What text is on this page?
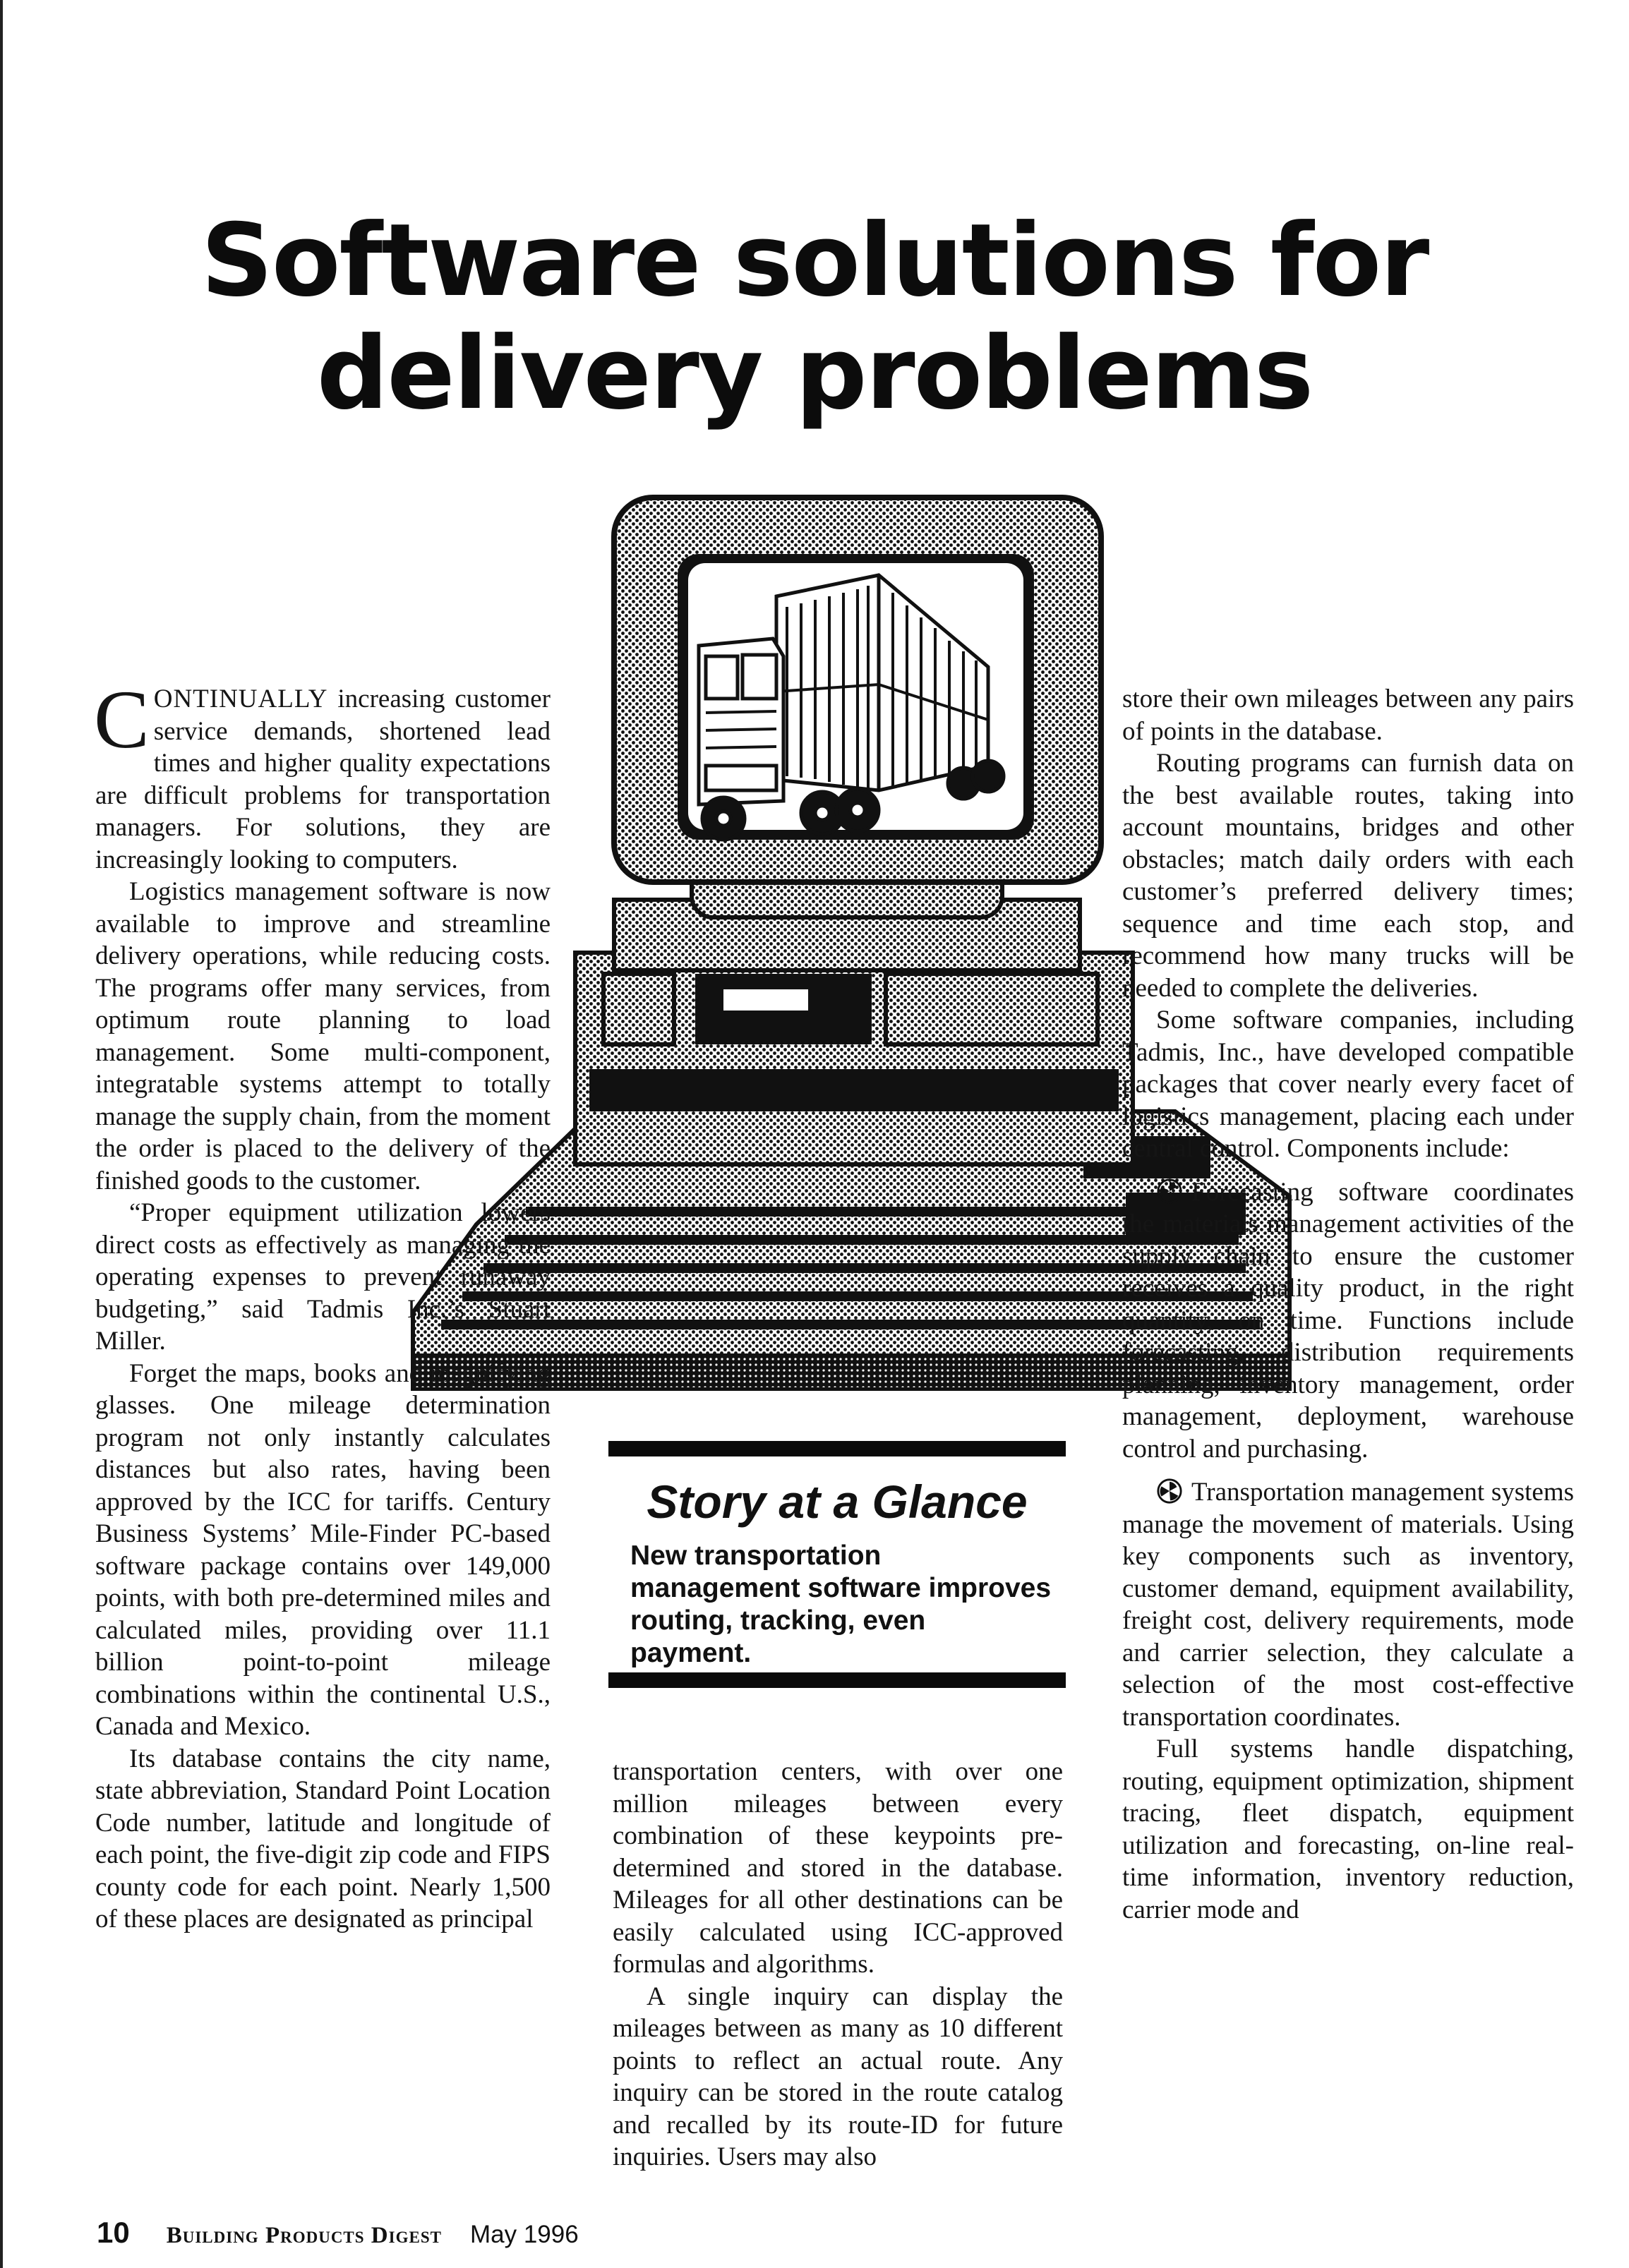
Software solutions for
delivery problems

CONTINUALLY increasing customer service demands, shortened lead times and higher quality expectations are difficult problems for transportation managers. For solutions, they are increasingly looking to computers.

Logistics management software is now available to improve and streamline delivery operations, while reducing costs. The programs offer many services, from optimum route planning to load management. Some multi-component, integratable systems attempt to totally manage the supply chain, from the moment the order is placed to the delivery of the finished goods to the customer.

“Proper equipment utilization lowers direct costs as effectively as managing the operating expenses to prevent runaway budgeting,” said Tadmis Inc.’s Stuart Miller.

Forget the maps, books and magnifying glasses. One mileage determination program not only instantly calculates distances but also rates, having been approved by the ICC for tariffs. Century Business Systems’ Mile-Finder PC-based software package contains over 149,000 points, with both pre-determined miles and calculated miles, providing over 11.1 billion point-to-point mileage combinations within the continental U.S., Canada and Mexico.

Its database contains the city name, state abbreviation, Standard Point Location Code number, latitude and longitude of each point, the five-digit zip code and FIPS county code for each point. Nearly 1,500 of these places are designated as principal

Story at a Glance

New transportation management software improves routing, tracking, even payment.

transportation centers, with over one million mileages between every combination of these keypoints pre-determined and stored in the database. Mileages for all other destinations can be easily calculated using ICC-approved formulas and algorithms.

A single inquiry can display the mileages between as many as 10 different points to reflect an actual route. Any inquiry can be stored in the route catalog and recalled by its route-ID for future inquiries. Users may also

store their own mileages between any pairs of points in the database.

Routing programs can furnish data on the best available routes, taking into account mountains, bridges and other obstacles; match daily orders with each customer’s preferred delivery times; sequence and time each stop, and recommend how many trucks will be needed to complete the deliveries.

Some software companies, including Tadmis, Inc., have developed compatible packages that cover nearly every facet of logistics management, placing each under central control. Components include:

Forecasting software coordinates the materials management activities of the supply chain to ensure the customer receives a quality product, in the right quantity, on time. Functions include forecasting, distribution requirements planning, inventory management, order management, deployment, warehouse control and purchasing.

Transportation management systems manage the movement of materials. Using key components such as inventory, customer demand, equipment availability, freight cost, delivery requirements, mode and carrier selection, they calculate a selection of the most cost-effective transportation coordinates.

Full systems handle dispatching, routing, equipment optimization, shipment tracing, fleet dispatch, equipment utilization and forecasting, on-line real-time information, inventory reduction, carrier mode and

10 Building Products Digest May 1996
